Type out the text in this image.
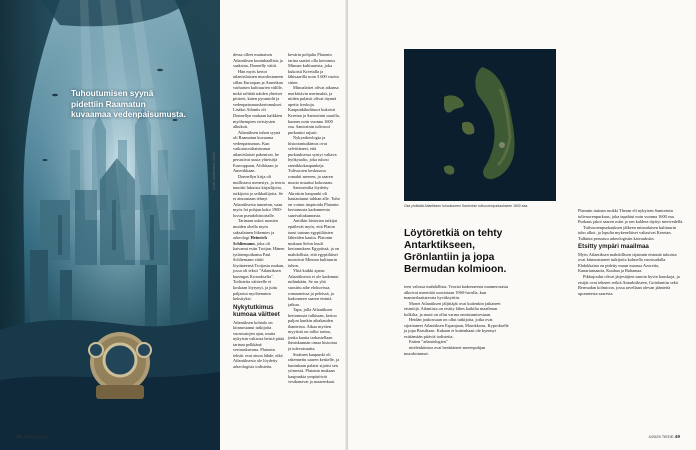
Tuhoutumisen syynä pidettiin Raamatun kuvaamaa vedenpaisumusta.
Kuvat: Shutterstock, NASA

dessa olleet muinaisen Atlantiksen kuninkaallisia ja saaksina, Donnelly väitti.

Hän myös kertoi atlantislaisten muodostaneen sillan Euroopan ja Amerikan varhaisen kulttuurien välille, mikä selittää näiden yhteiset piirteet, kuten pyramidit ja vedenpaisumuskertomukset. Lisäksi Atlantis oli Donnellyn mukaan kaikkien myöhempien sivistysten alkukoti.

Atlantiksen tuhon syynä oli Raamatun kuvaama vedenpaisumus. Kun vaikutusvaltaisimmat atlantislaiset pakenivat, he perustivat uusia yhteisöjä Eurooppaan, Afrikkaan ja Amerikkaan.

Donnellyn kirja oli mullistava menestys, ja teoria innoitti lukuisia kirjailijoita, tutkijoita ja seikkailijoita. Se ei ainoastaan tehnyt Atlantiksesta tunnetun, vaan myös loi pohjan koko 1900-luvun pseudohistorialle.

Tarinaan uskoi monien muiden ohella myös saksalainen liikemies ja arkeologi Heinrich Schliemann, joka oli kaivanut esiin Troijan. Hänen tyttärenpoikansa Paul Schliemann väitti löytäneensä Troijasta ruukun, jossa oli teksti "Atlantiksen kuningas Kronokselta". Todisteita väitteelle ei koskaan löytynyt, ja juttu paljastui myöhemmin keksityksi.

Nykytutkimus kumoaa väitteet

Atlantiksen kohtalo on kiinnostanut tutkijoita vuosisatojen ajan, mutta nykyisin valtaosa heistä pitää tarinaa pelkkänä vertauskuvana. Platonin tekstit ovat ainoa lähde, eikä Atlantiksesta ole löydetty arkeologisia todisteita.

kevärin pohjalta Platonin tarina saattoi olla kertomus Minoan kulttuurista, joka kukoisti Kreetalla ja lähisaarilla noin 3 600 vuotta sitten.

Minoalaiset olivat aikansa merkittävin merimahti, ja niiden palatsit olivat täynnä upeita freskoja. Kaupunkikulttuuri kukoisti Kreetan ja Santorinin saarilla, kunnes noin vuonna 1600 eaa. Santorinin tulivuori purkautui rajusti.

Nykyarkeologia ja historiantutkimus ovat selvittäneet, että purkauksessa syntyi valtava hyökyaalto, joka tuhosi rannikkokaupunkeja. Tulivuoren keskusosa romahti mereen, ja saaren muoto muuttui kokonaan.

Santorinilta löydetty Akrotirin kaupunki oli hautautunut tuhkan alle. Tuho on voinut inspiroida Platonin kertomusta kadonneesta saarivaltakunnasta.

Antiikin historian tutkijat epäilevät myös, että Platon tunsi tarinan egyptiläisten lähteiden kautta. Platonin mukaan Solon kuuli kertomuksen Egyptissä, ja on mahdollista, että egyptiläiset muistivat Minoan kulttuurin tuhon.

Yhtä kaikki ajatus Atlantiksesta ei ole kadonnut mihinkään. Se on yhä suosittu aihe elokuvissa, romaaneissa ja peleissä, ja kadonneen saaren etsintä jatkuu.

Tapa, jolla Atlantiksen kertomusta tulkitaan, kertoo paljon kunkin aikakauden ihanteista. Aikaa myöten myytistä on tullut tarina, jonka kautta tarkastellaan ihmiskunnan omaa historiaa ja tulevaisuutta.

Sisäinen kaupunki oli rakennettu saaren keskelle, ja kuninkaan palatsi sijaitsi sen ytimessä. Platonin mukaan kaupunkia ympäröivät vesikanavat ja maarenkaat.

48 TIEDE 4/2025
Osa yhdistää Atlantiksen tuhoutuneen Santorinin tulivuorenpurkaukseen 1600 eaa.
Löytöretkiä on tehty Antarktikseen, Grönlantiin ja jopa Bermudan kolmioon.

teen valossa mahdollista. Teoriat kadonneesta mannerosasta alkoivat menettää suosiotaan 1960-luvulla, kun mannerlaattateoria hyväksyttiin.

Monet Atlantiksen jäljittäjät ovat kuitenkin jatkaneet etsintöjä. Atlantista on etsitty lähes kaikilta maailman kolkilta, ja moni on ollut varma onnistumisestaan.

Heidän joukossaan on ollut tutkijoita, jotka ovat sijoittaneet Atlantiksen Espanjaan, Marokkoon, Kyprokselle ja jopa Brasiliaan. Kukaan ei kuitenkaan ole kyennyt esittämään pitäviä todisteita.

Eniten "atlantologien"

mielenkiintoa ovat herättäneet merenpohjan muodostumat.

Platonin tarinan ruokki Theran eli nykyisen Santorinin tulivuorenpurkaus, joka tapahtui noin vuonna 1600 eaa. Purkaus jakoi saaren osiin ja sen kaldera täyttyi merivedellä.

Tulivuorenpurkauksen jälkeen minoalaisen kulttuurin tuho alkoi, ja lopulta mykeneläiset valtasivat Kreetan. Tulkinta perustuu arkeologisiin kaivauksiin.

Etsitty ympäri maailmaa

Myös Atlantiksen mahdollisen sijainnin etsinnät tuhoisia ovat kiinnostaneet tutkijoita kolmella vuosisadalla. Ehdokkaina on pidetty muun muassa Azoreita, Kanariansaaria, Kuubaa ja Bahamaa.

Pikkujoulut olivat järjestäjien sanoin hyvin hauskoja, ja etsijät ovat tehneet retkiä Antarktikseen, Grönlantiin sekä Bermudan kolmioon, jossa arvellaan olevan jäänteitä uponneesta saaresta.

4/2025 TIEDE 49
